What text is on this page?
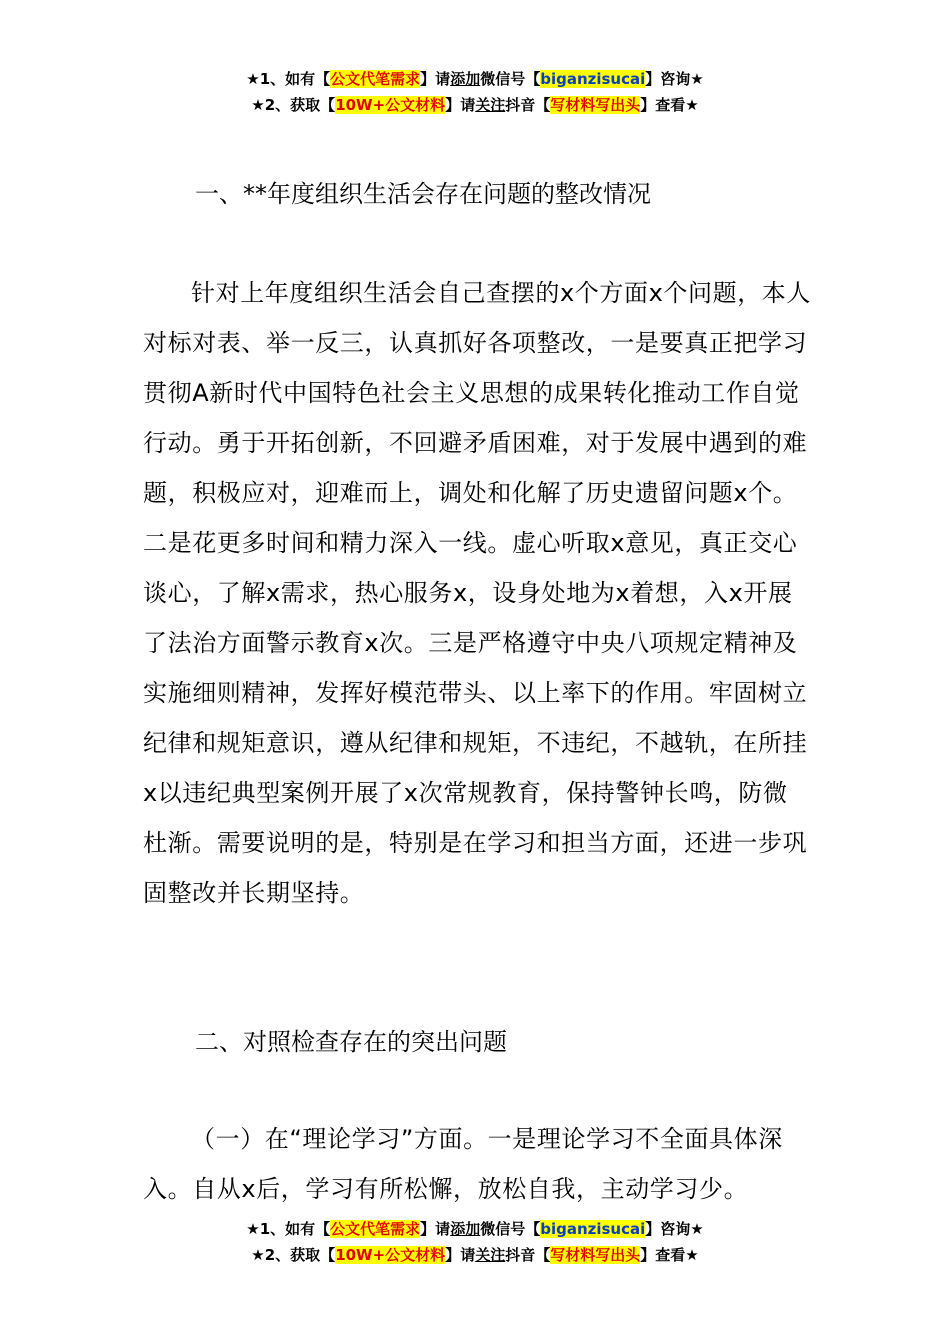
★1、如有【公文代笔需求】请添加微信号【biganzisucai】咨询★
★2、获取【10W+公文材料】请关注抖音【写材料写出头】查看★
一、**年度组织生活会存在问题的整改情况

针对上年度组织生活会自己查摆的x个方面x个问题，本人对标对表、举一反三，认真抓好各项整改，一是要真正把学习贯彻A新时代中国特色社会主义思想的成果转化推动工作自觉行动。勇于开拓创新，不回避矛盾困难，对于发展中遇到的难题，积极应对，迎难而上，调处和化解了历史遗留问题x个。二是花更多时间和精力深入一线。虚心听取x意见，真正交心谈心，了解x需求，热心服务x，设身处地为x着想，入x开展了法治方面警示教育x次。三是严格遵守中央八项规定精神及实施细则精神，发挥好模范带头、以上率下的作用。牢固树立纪律和规矩意识，遵从纪律和规矩，不违纪，不越轨，在所挂x以违纪典型案例开展了x次常规教育，保持警钟长鸣，防微杜渐。需要说明的是，特别是在学习和担当方面，还进一步巩固整改并长期坚持。

二、对照检查存在的突出问题

（一）在“理论学习”方面。一是理论学习不全面具体深入。自从x后，学习有所松懈，放松自我，主动学习少。

★1、如有【公文代笔需求】请添加微信号【biganzisucai】咨询★
★2、获取【10W+公文材料】请关注抖音【写材料写出头】查看★
